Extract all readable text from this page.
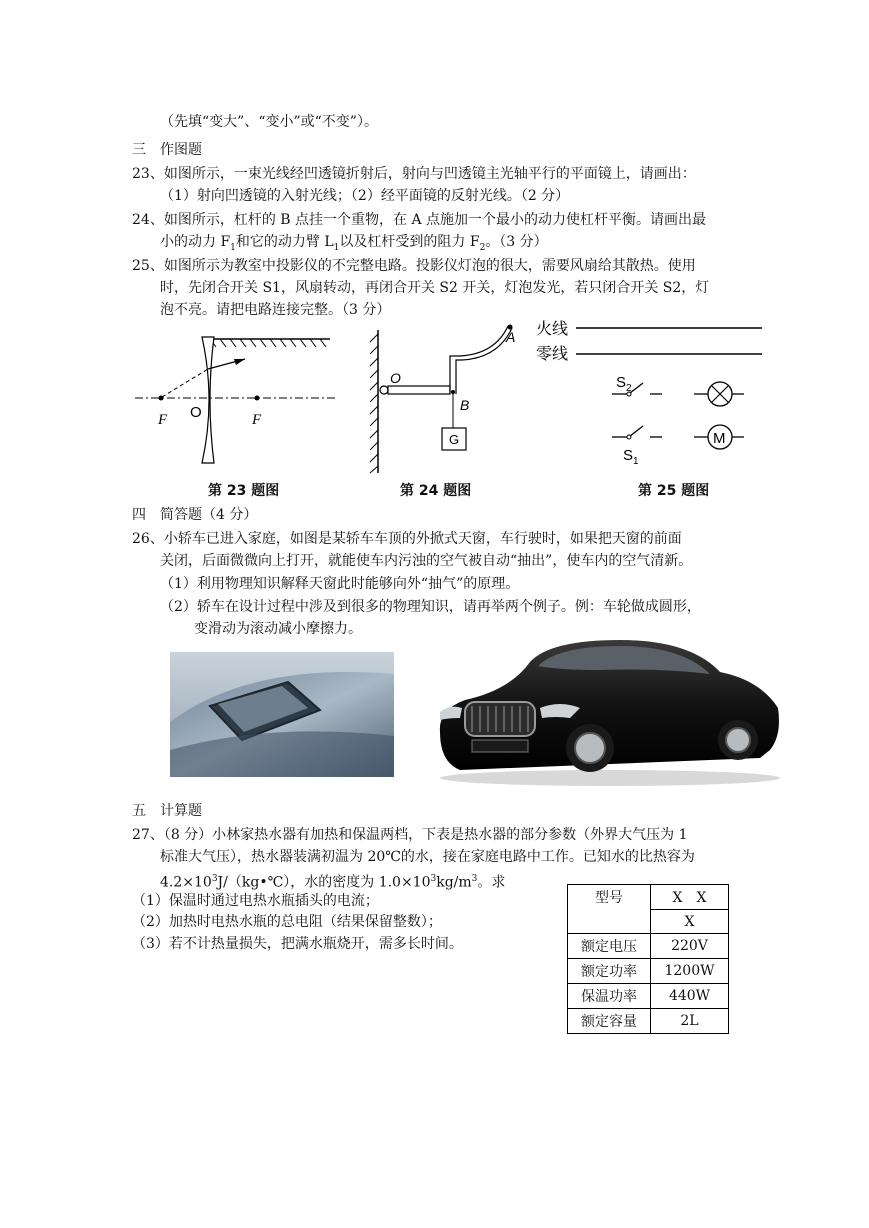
（先填“变大”、“变小”或“不变”）。
三　 作图题
23、如图所示，一束光线经凹透镜折射后，射向与凹透镜主光轴平行的平面镜上，请画出：
（1）射向凹透镜的入射光线；（2）经平面镜的反射光线。（2 分）
24、如图所示，杠杆的 B 点挂一个重物，在 A 点施加一个最小的动力使杠杆平衡。请画出最
小的动力 $F_1$和它的动力臂 $L_1$以及杠杆受到的阻力 $F_2$。（3 分）
25、如图所示为教室中投影仪的不完整电路。投影仪灯泡的很大，需要风扇给其散热。使用
时，先闭合开关 S1，风扇转动，再闭合开关 S2 开关，灯泡发光，若只闭合开关 S2，灯
泡不亮。请把电路连接完整。（3 分）
F O	F
第 23 题图
A
O
B
G
第 24 题图
火线
零线
$S_2$
$S_1$
M
第 25 题图
四　 简答题（4 分）
26、小轿车已进入家庭，如图是某轿车车顶的外掀式天窗，车行驶时，如果把天窗的前面
关闭，后面微微向上打开，就能使车内污浊的空气被自动“抽出”，使车内的空气清新。
（1）利用物理知识解释天窗此时能够向外“抽气”的原理。
（2）轿车在设计过程中涉及到很多的物理知识，请再举两个例子。例：车轮做成圆形，
变滑动为滚动减小摩擦力。
五　 计算题
27、（8 分）小林家热水器有加热和保温两档，下表是热水器的部分参数（外界大气压为 1
标准大气压），热水器装满初温为 20℃的水，接在家庭电路中工作。已知水的比热容为
$4.2\times 10^3J/(kg•℃)$，水的密度为 $1.0\times 10^3kg/m^3$。求
（1）保温时通过电热水瓶插头的电流；
（2）加热时电热水瓶的总电阻（结果保留整数）；
（3）若不计热量损失，把满水瓶烧开，需多长时间。
型号	X　X
	X
额定电压	220V
额定功率	1200W
保温功率	440W
额定容量	2L
